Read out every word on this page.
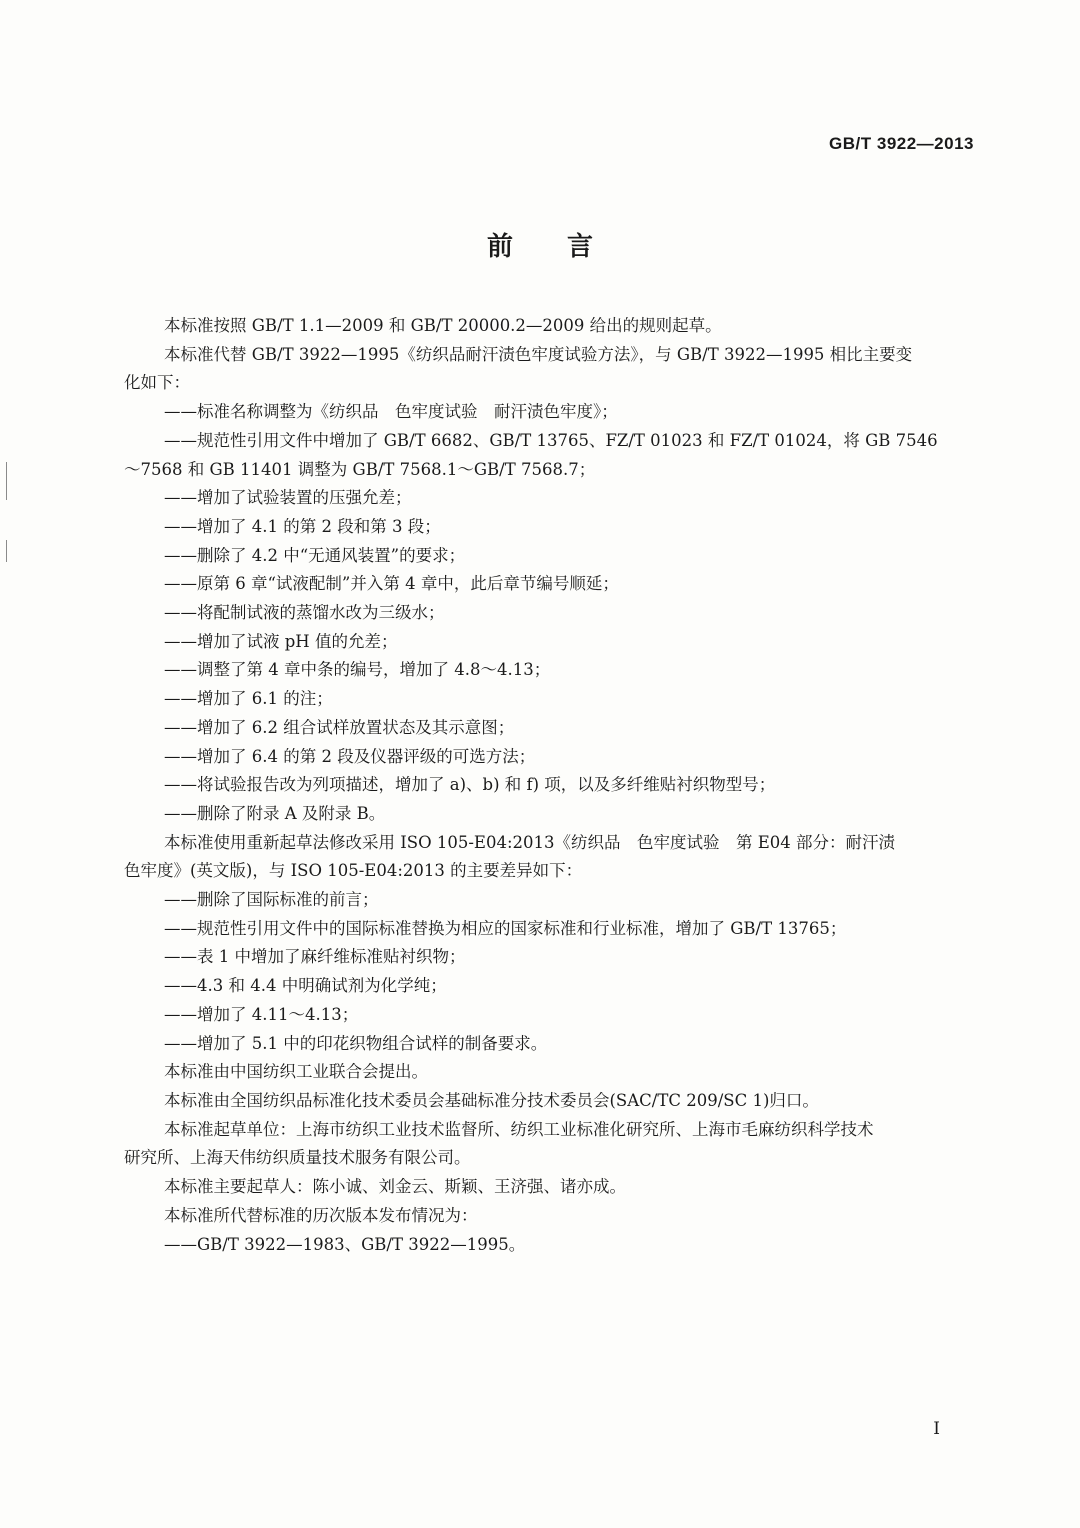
GB/T 3922—2013
前言

本标准按照 GB/T 1.1—2009 和 GB/T 20000.2—2009 给出的规则起草。

本标准代替 GB/T 3922—1995《纺织品耐汗渍色牢度试验方法》，与 GB/T 3922—1995 相比主要变

化如下：

——标准名称调整为《纺织品　色牢度试验　耐汗渍色牢度》；

——规范性引用文件中增加了 GB/T 6682、GB/T 13765、FZ/T 01023 和 FZ/T 01024，将 GB 7546

～7568 和 GB 11401 调整为 GB/T 7568.1～GB/T 7568.7；

——增加了试验装置的压强允差；

——增加了 4.1 的第 2 段和第 3 段；

——删除了 4.2 中“无通风装置”的要求；

——原第 6 章“试液配制”并入第 4 章中，此后章节编号顺延；

——将配制试液的蒸馏水改为三级水；

——增加了试液 pH 值的允差；

——调整了第 4 章中条的编号，增加了 4.8～4.13；

——增加了 6.1 的注；

——增加了 6.2 组合试样放置状态及其示意图；

——增加了 6.4 的第 2 段及仪器评级的可选方法；

——将试验报告改为列项描述，增加了 a)、b) 和 f) 项，以及多纤维贴衬织物型号；

——删除了附录 A 及附录 B。

本标准使用重新起草法修改采用 ISO 105-E04:2013《纺织品　色牢度试验　第 E04 部分：耐汗渍

色牢度》(英文版)，与 ISO 105-E04:2013 的主要差异如下：

——删除了国际标准的前言；

——规范性引用文件中的国际标准替换为相应的国家标准和行业标准，增加了 GB/T 13765；

——表 1 中增加了麻纤维标准贴衬织物；

——4.3 和 4.4 中明确试剂为化学纯；

——增加了 4.11～4.13；

——增加了 5.1 中的印花织物组合试样的制备要求。

本标准由中国纺织工业联合会提出。

本标准由全国纺织品标准化技术委员会基础标准分技术委员会(SAC/TC 209/SC 1)归口。

本标准起草单位：上海市纺织工业技术监督所、纺织工业标准化研究所、上海市毛麻纺织科学技术

研究所、上海天伟纺织质量技术服务有限公司。

本标准主要起草人：陈小诚、刘金云、斯颖、王济强、诸亦成。

本标准所代替标准的历次版本发布情况为：

——GB/T 3922—1983、GB/T 3922—1995。

I
